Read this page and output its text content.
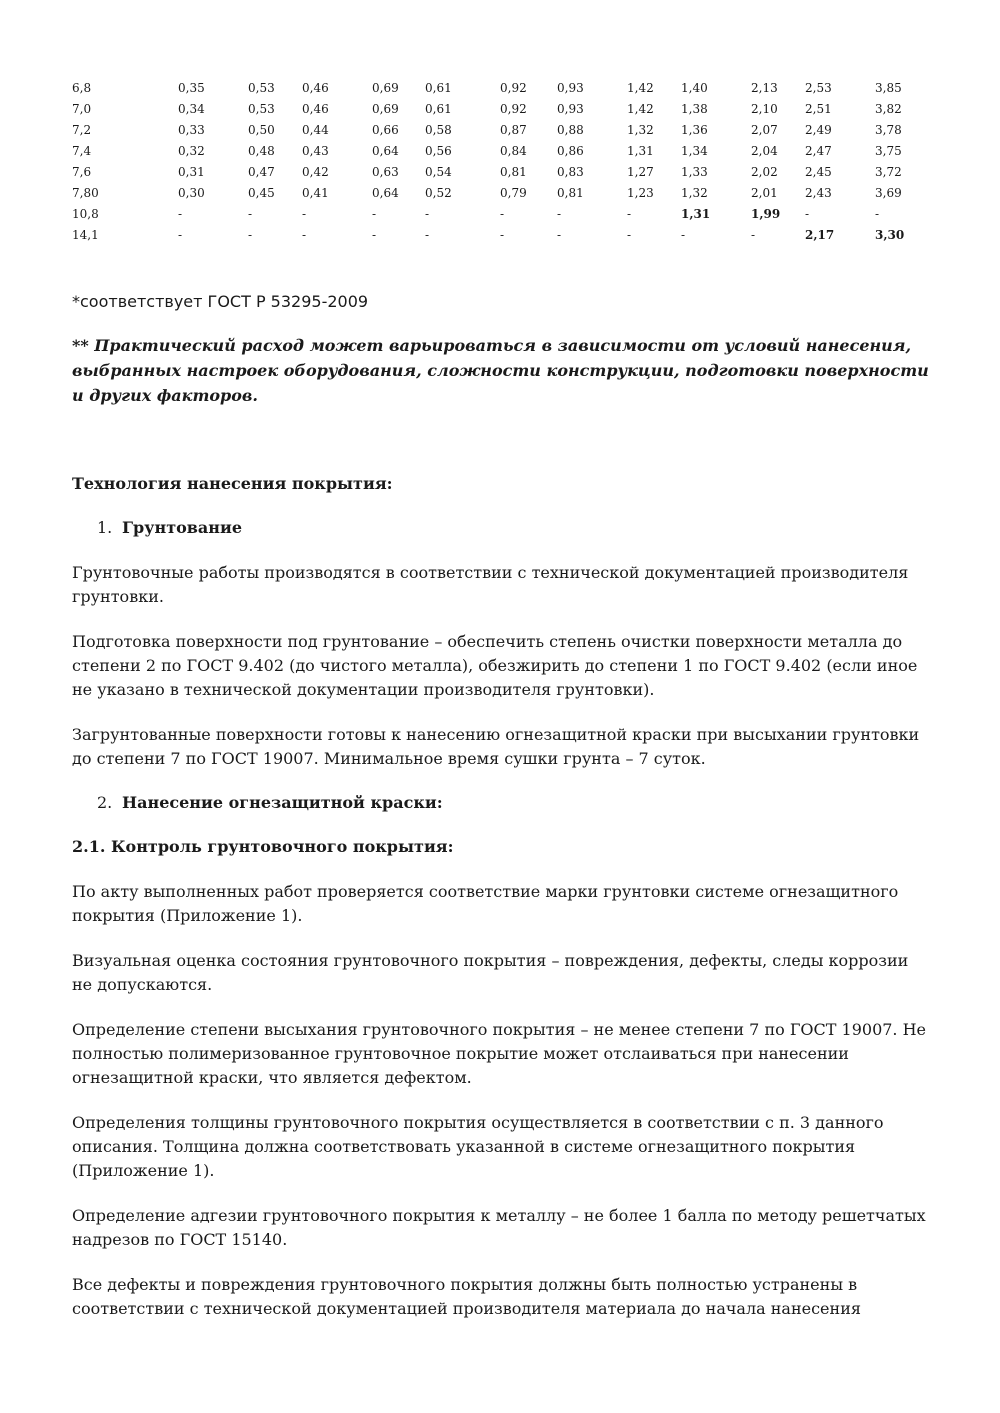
6,8	0,35	0,53	0,46	0,69	0,61	0,92	0,93	1,42	1,40	2,13	2,53	3,85
7,0	0,34	0,53	0,46	0,69	0,61	0,92	0,93	1,42	1,38	2,10	2,51	3,82
7,2	0,33	0,50	0,44	0,66	0,58	0,87	0,88	1,32	1,36	2,07	2,49	3,78
7,4	0,32	0,48	0,43	0,64	0,56	0,84	0,86	1,31	1,34	2,04	2,47	3,75
7,6	0,31	0,47	0,42	0,63	0,54	0,81	0,83	1,27	1,33	2,02	2,45	3,72
7,80	0,30	0,45	0,41	0,64	0,52	0,79	0,81	1,23	1,32	2,01	2,43	3,69
10,8	-	-	-	-	-	-	-	-	1,31	1,99	-	-
14,1	-	-	-	-	-	-	-	-	-	-	2,17	3,30
*соответствует ГОСТ Р 53295-2009
** Практический расход может варьироваться в зависимости от условий нанесения, выбранных настроек оборудования, сложности конструкции, подготовки поверхности и других факторов.
Технология нанесения покрытия:
1. Грунтование

Грунтовочные работы производятся в соответствии с технической документацией производителя грунтовки.

Подготовка поверхности под грунтование – обеспечить степень очистки поверхности металла до степени 2 по ГОСТ 9.402 (до чистого металла), обезжирить до степени 1 по ГОСТ 9.402 (если иное не указано в технической документации производителя грунтовки).

Загрунтованные поверхности готовы к нанесению огнезащитной краски при высыхании грунтовки до степени 7 по ГОСТ 19007. Минимальное время сушки грунта – 7 суток.

2. Нанесение огнезащитной краски:
2.1. Контроль грунтовочного покрытия:

По акту выполненных работ проверяется соответствие марки грунтовки системе огнезащитного покрытия (Приложение 1).

Визуальная оценка состояния грунтовочного покрытия – повреждения, дефекты, следы коррозии не допускаются.

Определение степени высыхания грунтовочного покрытия – не менее степени 7 по ГОСТ 19007. Не полностью полимеризованное грунтовочное покрытие может отслаиваться при нанесении огнезащитной краски, что является дефектом.

Определения толщины грунтовочного покрытия осуществляется в соответствии с п. 3 данного описания. Толщина должна соответствовать указанной в системе огнезащитного покрытия (Приложение 1).

Определение адгезии грунтовочного покрытия к металлу – не более 1 балла по методу решетчатых надрезов по ГОСТ 15140.

Все дефекты и повреждения грунтовочного покрытия должны быть полностью устранены в соответствии с технической документацией производителя материала до начала нанесения
